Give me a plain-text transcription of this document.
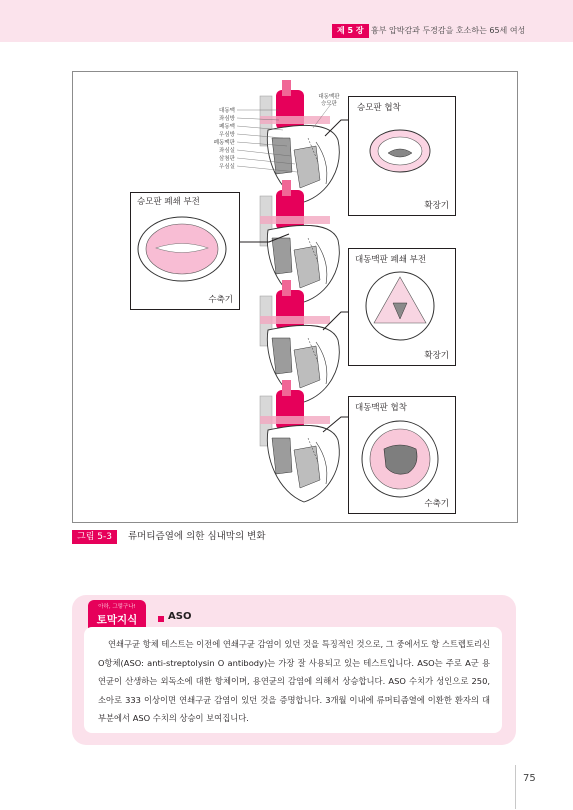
제 5 장 흉부 압박감과 두경감을 호소하는 65세 여성
대동맥
좌심방
폐동맥
우심방
폐동맥판
좌심실
삼첨판
우심실
대동맥판
승모판	승모판 협착
확장기
승모판 폐쇄 부전
수축기
대동맥판 폐쇄 부전
확장기
대동맥판 협착
수축기
그림 5-3	류머티즘열에 의한 심내막의 변화
아하, 그렇구나!
토막지식	ASO

연쇄구균 항체 테스트는 이전에 연쇄구균 감염이 있던 것을 특징적인 것으로, 그 중에서도 항 스트렙토리신 O항체(ASO: anti-streptolysin O antibody)는 가장 잘 사용되고 있는 테스트입니다. ASO는 주로 A군 용연균이 산생하는 외독소에 대한 항체이며, 용연균의 감염에 의해서 상승합니다. ASO 수치가 성인으로 250, 소아로 333 이상이면 연쇄구균 감염이 있던 것을 증명합니다. 3개월 이내에 류머티즘열에 이환한 환자의 대부분에서 ASO 수치의 상승이 보여집니다.

75
